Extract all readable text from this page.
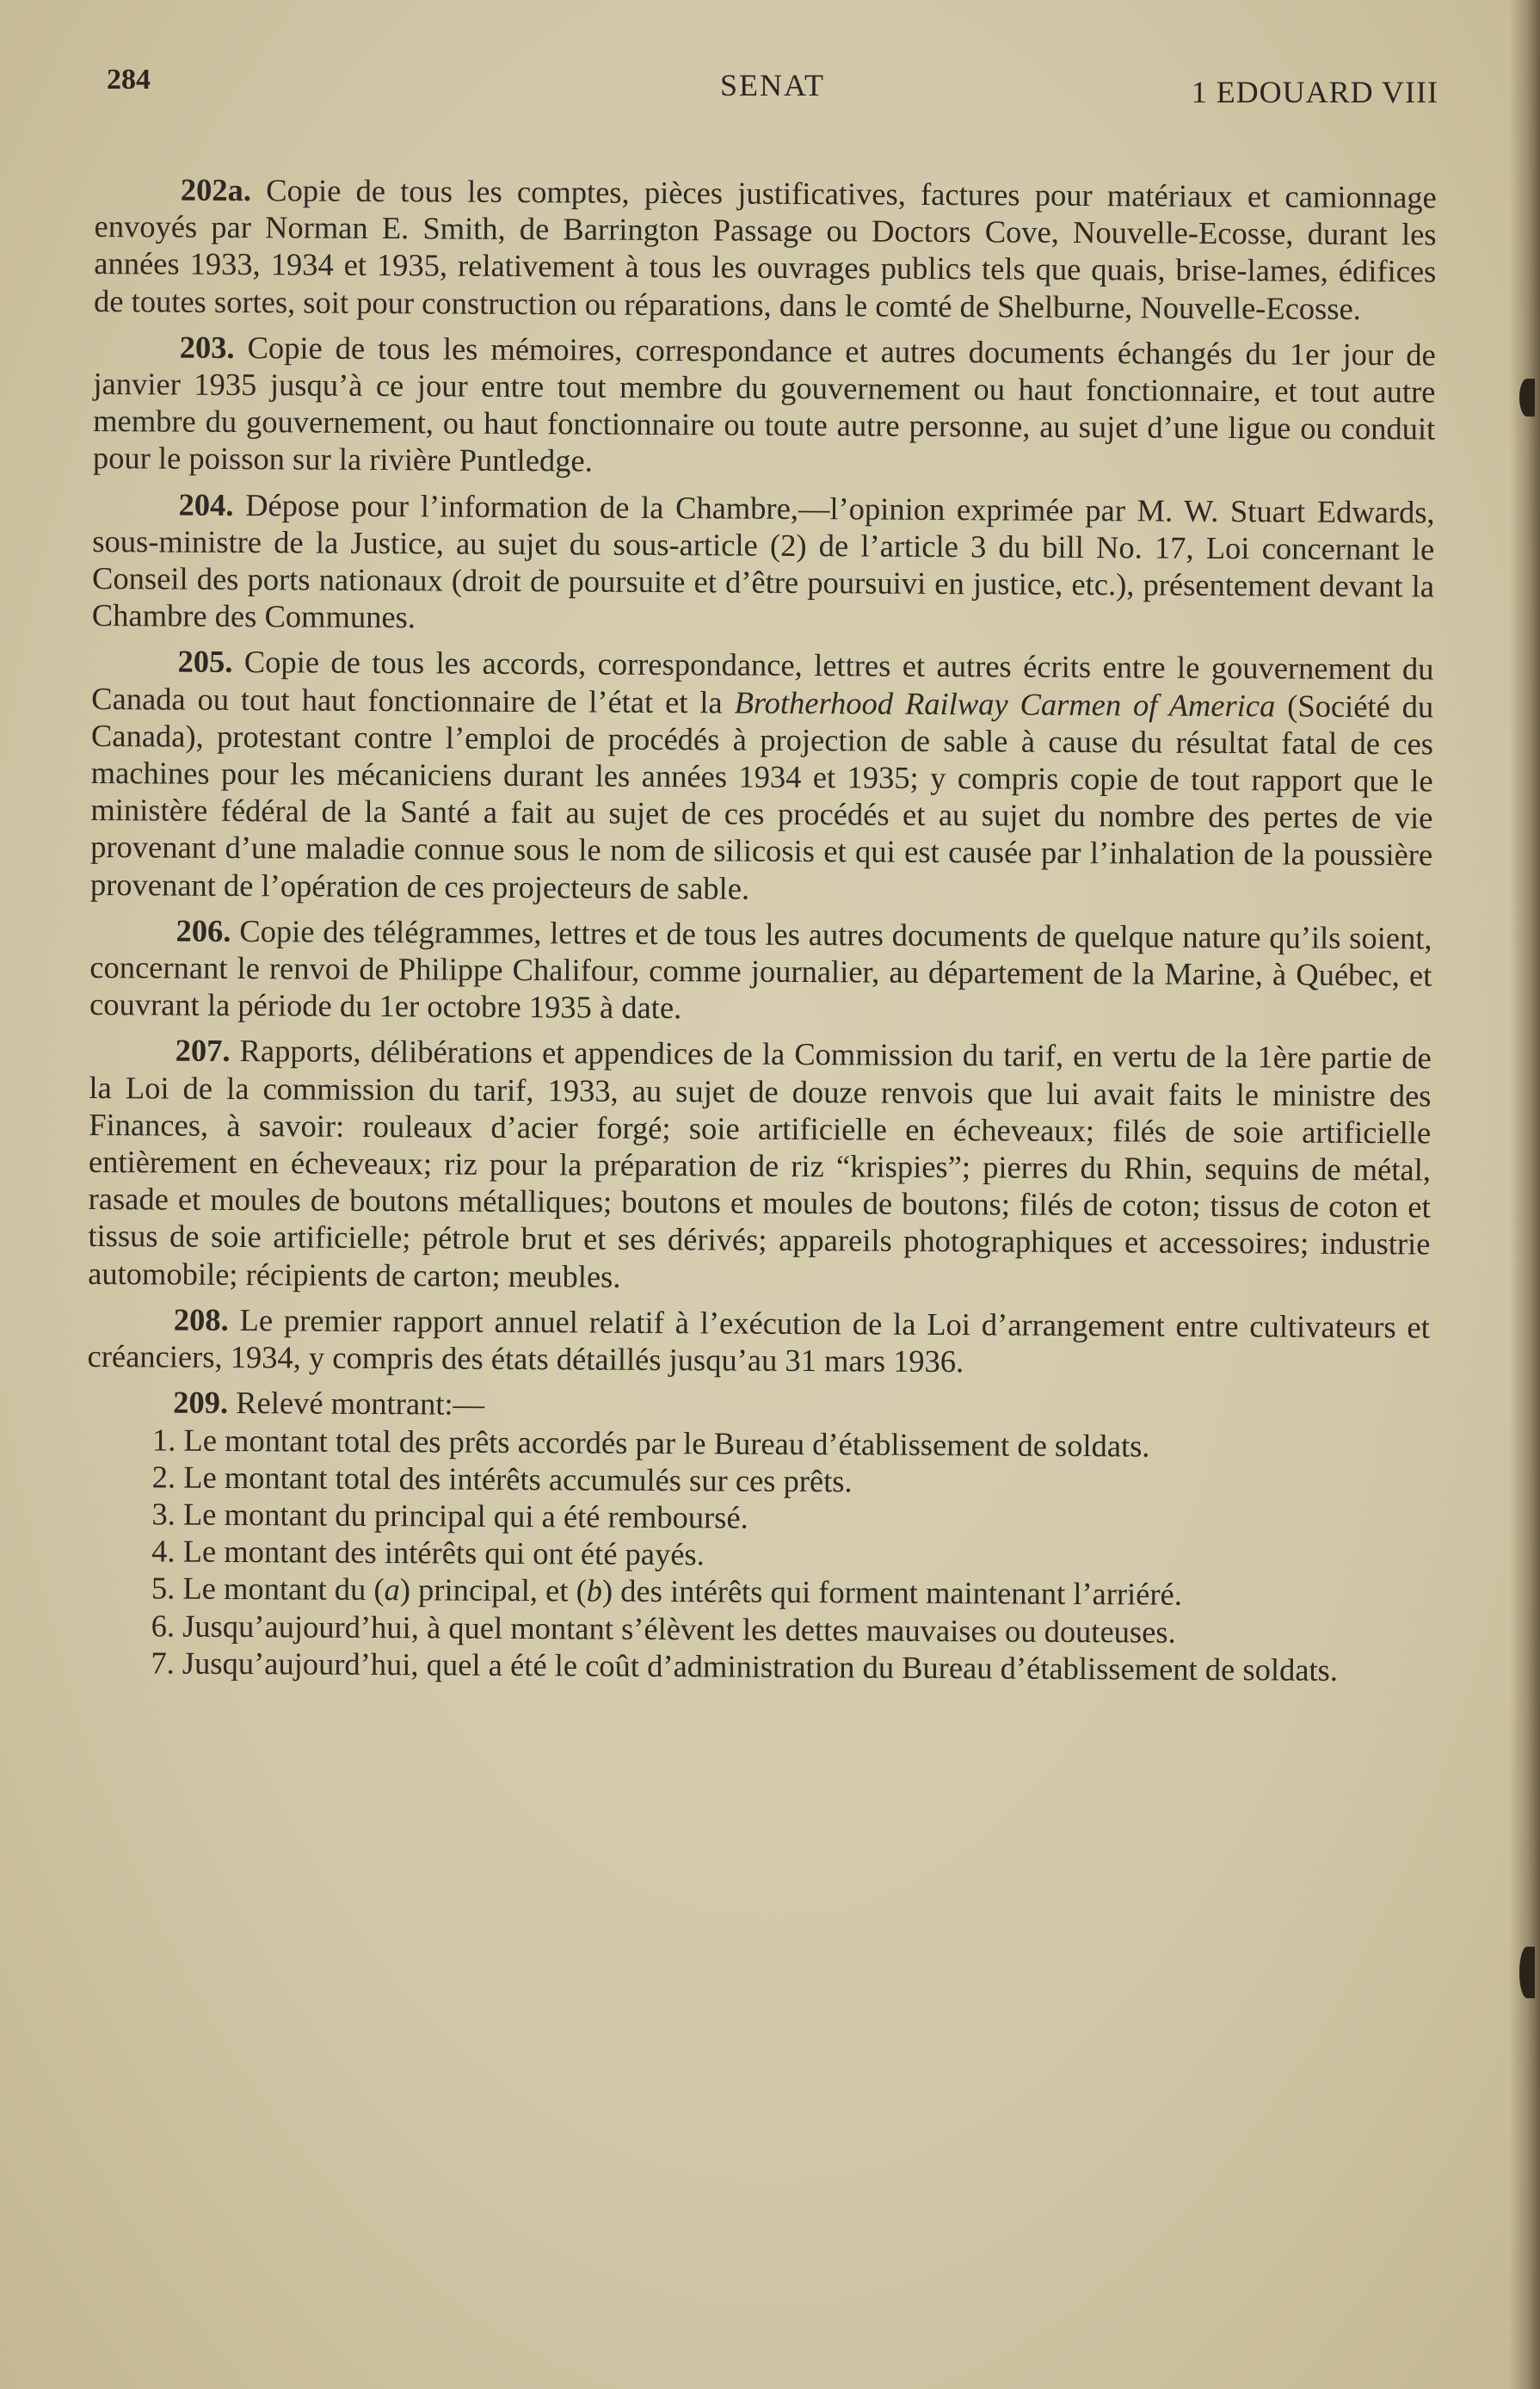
284	SENAT	1 EDOUARD VIII

202a. Copie de tous les comptes, pièces justificatives, factures pour matériaux et camionnage envoyés par Norman E. Smith, de Barrington Passage ou Doctors Cove, Nouvelle-Ecosse, durant les années 1933, 1934 et 1935, relativement à tous les ouvrages publics tels que quais, brise-lames, édifices de toutes sortes, soit pour construction ou réparations, dans le comté de Shelburne, Nouvelle-Ecosse.

203. Copie de tous les mémoires, correspondance et autres documents échangés du 1er jour de janvier 1935 jusqu’à ce jour entre tout membre du gouvernement ou haut fonctionnaire, et tout autre membre du gouvernement, ou haut fonctionnaire ou toute autre personne, au sujet d’une ligue ou conduit pour le poisson sur la rivière Puntledge.

204. Dépose pour l’information de la Chambre,—l’opinion exprimée par M. W. Stuart Edwards, sous-ministre de la Justice, au sujet du sous-article (2) de l’article 3 du bill No. 17, Loi concernant le Conseil des ports nationaux (droit de poursuite et d’être poursuivi en justice, etc.), présentement devant la Chambre des Communes.

205. Copie de tous les accords, correspondance, lettres et autres écrits entre le gouvernement du Canada ou tout haut fonctionnaire de l’état et la Brotherhood Railway Carmen of America (Société du Canada), protestant contre l’emploi de procédés à projection de sable à cause du résultat fatal de ces machines pour les mécaniciens durant les années 1934 et 1935; y compris copie de tout rapport que le ministère fédéral de la Santé a fait au sujet de ces procédés et au sujet du nombre des pertes de vie provenant d’une maladie connue sous le nom de silicosis et qui est causée par l’inhalation de la poussière provenant de l’opération de ces projecteurs de sable.

206. Copie des télégrammes, lettres et de tous les autres documents de quelque nature qu’ils soient, concernant le renvoi de Philippe Chalifour, comme journalier, au département de la Marine, à Québec, et couvrant la période du 1er octobre 1935 à date.

207. Rapports, délibérations et appendices de la Commission du tarif, en vertu de la 1ère partie de la Loi de la commission du tarif, 1933, au sujet de douze renvois que lui avait faits le ministre des Finances, à savoir: rouleaux d’acier forgé; soie artificielle en écheveaux; filés de soie artificielle entièrement en écheveaux; riz pour la préparation de riz “krispies”; pierres du Rhin, sequins de métal, rasade et moules de boutons métalliques; boutons et moules de boutons; filés de coton; tissus de coton et tissus de soie artificielle; pétrole brut et ses dérivés; appareils photographiques et accessoires; industrie automobile; récipients de carton; meubles.

208. Le premier rapport annuel relatif à l’exécution de la Loi d’arrangement entre cultivateurs et créanciers, 1934, y compris des états détaillés jusqu’au 31 mars 1936.

209. Relevé montrant:—

1. Le montant total des prêts accordés par le Bureau d’établissement de soldats.

2. Le montant total des intérêts accumulés sur ces prêts.

3. Le montant du principal qui a été remboursé.

4. Le montant des intérêts qui ont été payés.

5. Le montant du (a) principal, et (b) des intérêts qui forment maintenant l’arriéré.

6. Jusqu’aujourd’hui, à quel montant s’élèvent les dettes mauvaises ou douteuses.

7. Jusqu’aujourd’hui, quel a été le coût d’administration du Bureau d’établissement de soldats.
